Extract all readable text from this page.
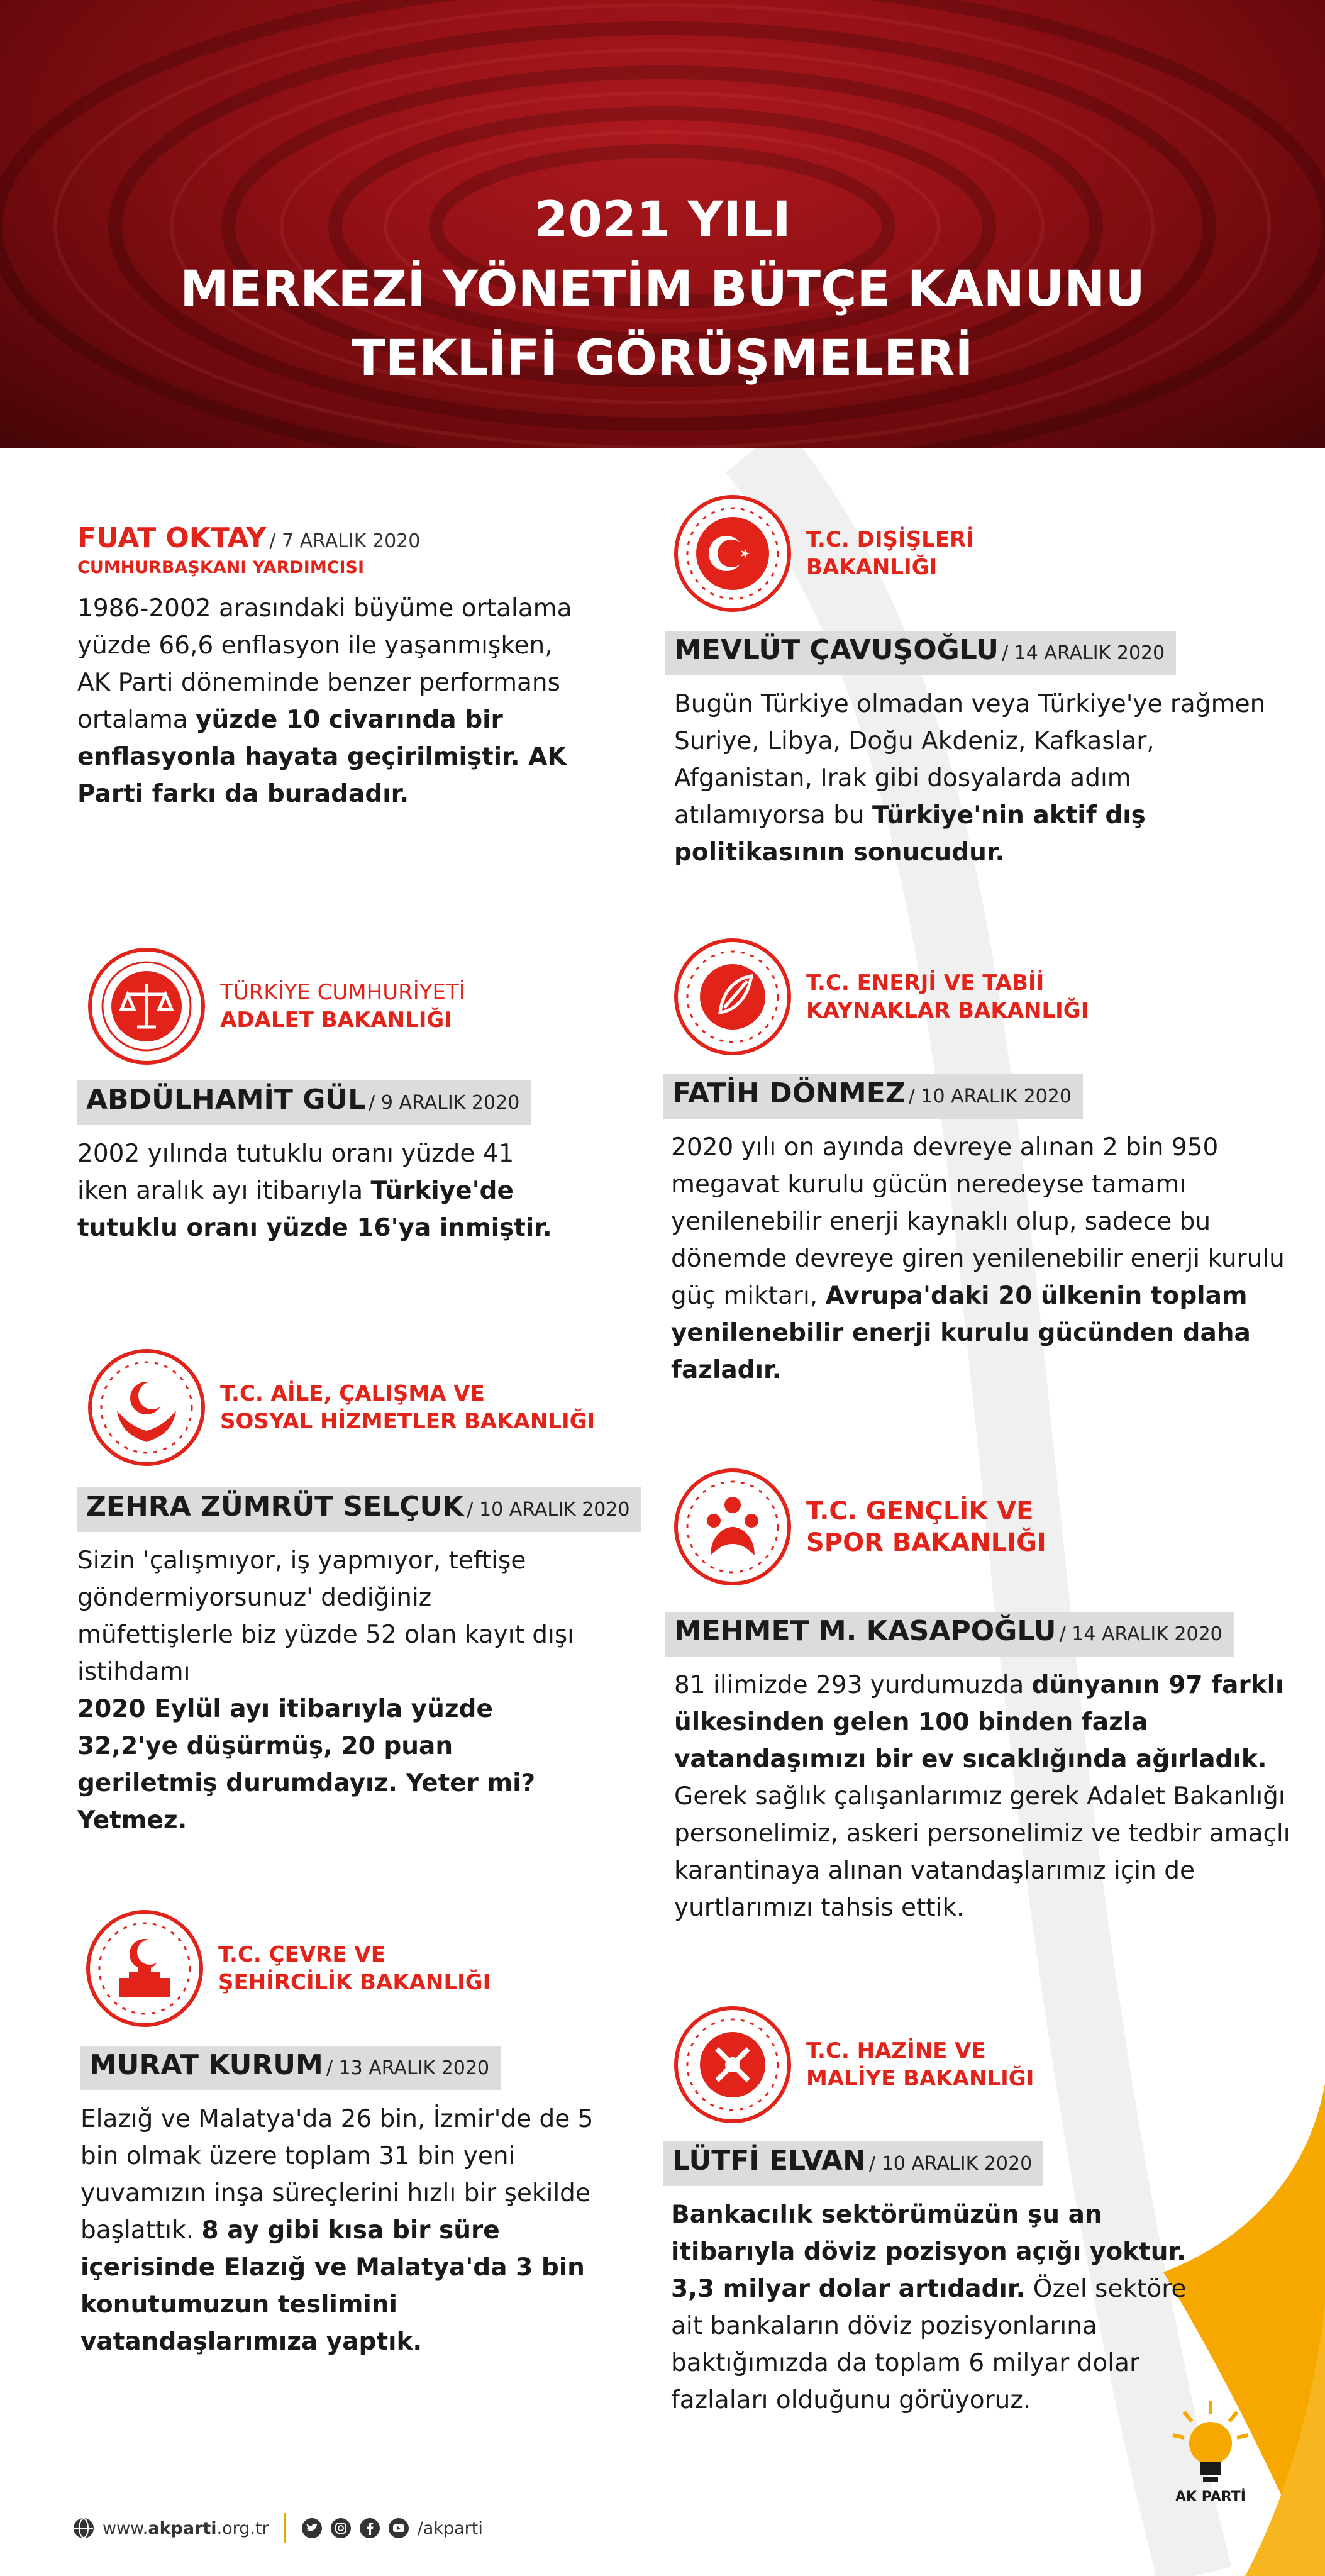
2021 YILI
MERKEZİ YÖNETİM BÜTÇE KANUNU
TEKLİFİ GÖRÜŞMELERİ
FUAT OKTAY / 7 ARALIK 2020
CUMHURBAŞKANI YARDIMCISI
1986-2002 arasındaki büyüme ortalama yüzde 66,6 enflasyon ile yaşanmışken, AK Parti döneminde benzer performans ortalama yüzde 10 civarında bir enflasyonla hayata geçirilmiştir. AK Parti farkı da buradadır.
TÜRKİYE CUMHURİYETİ
ADALET BAKANLIĞI
ABDÜLHAMİT GÜL / 9 ARALIK 2020
2002 yılında tutuklu oranı yüzde 41 iken aralık ayı itibarıyla Türkiye'de tutuklu oranı yüzde 16'ya inmiştir.
T.C. AİLE, ÇALIŞMA VE
SOSYAL HİZMETLER BAKANLIĞI
ZEHRA ZÜMRÜT SELÇUK / 10 ARALIK 2020
Sizin 'çalışmıyor, iş yapmıyor, teftişe göndermiyorsunuz' dediğiniz müfettişlerle biz yüzde 52 olan kayıt dışı istihdamı
2020 Eylül ayı itibarıyla yüzde 32,2'ye düşürmüş, 20 puan geriletmiş durumdayız. Yeter mi? Yetmez.
T.C. ÇEVRE VE
ŞEHİRCİLİK BAKANLIĞI
MURAT KURUM / 13 ARALIK 2020
Elazığ ve Malatya'da 26 bin, İzmir'de de 5 bin olmak üzere toplam 31 bin yeni yuvamızın inşa süreçlerini hızlı bir şekilde başlattık. 8 ay gibi kısa bir süre içerisinde Elazığ ve Malatya'da 3 bin konutumuzun teslimini vatandaşlarımıza yaptık.
T.C. DIŞİŞLERİ
BAKANLIĞI
MEVLÜT ÇAVUŞOĞLU / 14 ARALIK 2020
Bugün Türkiye olmadan veya Türkiye'ye rağmen Suriye, Libya, Doğu Akdeniz, Kafkaslar, Afganistan, Irak gibi dosyalarda adım atılamıyorsa bu Türkiye'nin aktif dış politikasının sonucudur.
T.C. ENERJİ VE TABİİ
KAYNAKLAR BAKANLIĞI
FATİH DÖNMEZ / 10 ARALIK 2020
2020 yılı on ayında devreye alınan 2 bin 950 megavat kurulu gücün neredeyse tamamı yenilenebilir enerji kaynaklı olup, sadece bu dönemde devreye giren yenilenebilir enerji kurulu güç miktarı, Avrupa'daki 20 ülkenin toplam yenilenebilir enerji kurulu gücünden daha fazladır.
T.C. GENÇLİK VE
SPOR BAKANLIĞI
MEHMET M. KASAPOĞLU / 14 ARALIK 2020
81 ilimizde 293 yurdumuzda dünyanın 97 farklı ülkesinden gelen 100 binden fazla vatandaşımızı bir ev sıcaklığında ağırladık. Gerek sağlık çalışanlarımız gerek Adalet Bakanlığı personelimiz, askeri personelimiz ve tedbir amaçlı karantinaya alınan vatandaşlarımız için de yurtlarımızı tahsis ettik.
T.C. HAZİNE VE
MALİYE BAKANLIĞI
LÜTFİ ELVAN / 10 ARALIK 2020
Bankacılık sektörümüzün şu an itibarıyla döviz pozisyon açığı yoktur. 3,3 milyar dolar artıdadır. Özel sektöre ait bankaların döviz pozisyonlarına baktığımızda da toplam 6 milyar dolar fazlaları olduğunu görüyoruz.
AK PARTİ
www.akparti.org.tr	/akparti
